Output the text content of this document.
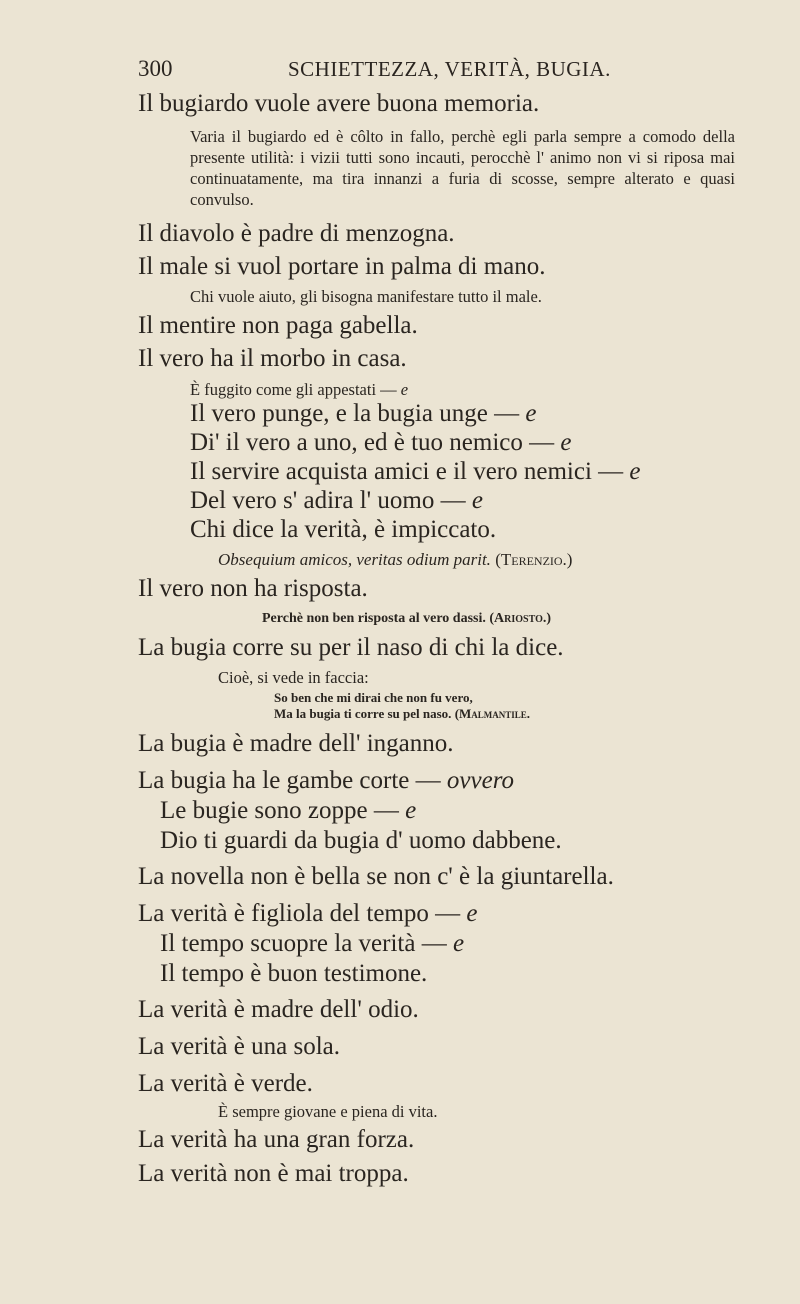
300	SCHIETTEZZA, VERITÀ, BUGIA.
Il bugiardo vuole avere buona memoria.
Varia il bugiardo ed è côlto in fallo, perchè egli parla sempre a comodo della presente utilità: i vizii tutti sono incauti, perocchè l' animo non vi si riposa mai continuatamente, ma tira innanzi a furia di scosse, sempre alterato e quasi convulso.
Il diavolo è padre di menzogna.
Il male si vuol portare in palma di mano.
Chi vuole aiuto, gli bisogna manifestare tutto il male.
Il mentire non paga gabella.
Il vero ha il morbo in casa.
È fuggito come gli appestati — e
Il vero punge, e la bugia unge — e
Di' il vero a uno, ed è tuo nemico — e
Il servire acquista amici e il vero nemici — e
Del vero s' adira l' uomo — e
Chi dice la verità, è impiccato.
Obsequium amicos, veritas odium parit. (Terenzio.)
Il vero non ha risposta.
Perchè non ben risposta al vero dassi. (Ariosto.)
La bugia corre su per il naso di chi la dice.
Cioè, si vede in faccia:
So ben che mi dirai che non fu vero,
Ma la bugia ti corre su pel naso. (Malmantile.
La bugia è madre dell' inganno.
La bugia ha le gambe corte — ovvero
Le bugie sono zoppe — e
Dio ti guardi da bugia d' uomo dabbene.
La novella non è bella se non c' è la giuntarella.
La verità è figliola del tempo — e
Il tempo scuopre la verità — e
Il tempo è buon testimone.
La verità è madre dell' odio.
La verità è una sola.
La verità è verde.
È sempre giovane e piena di vita.
La verità ha una gran forza.
La verità non è mai troppa.
